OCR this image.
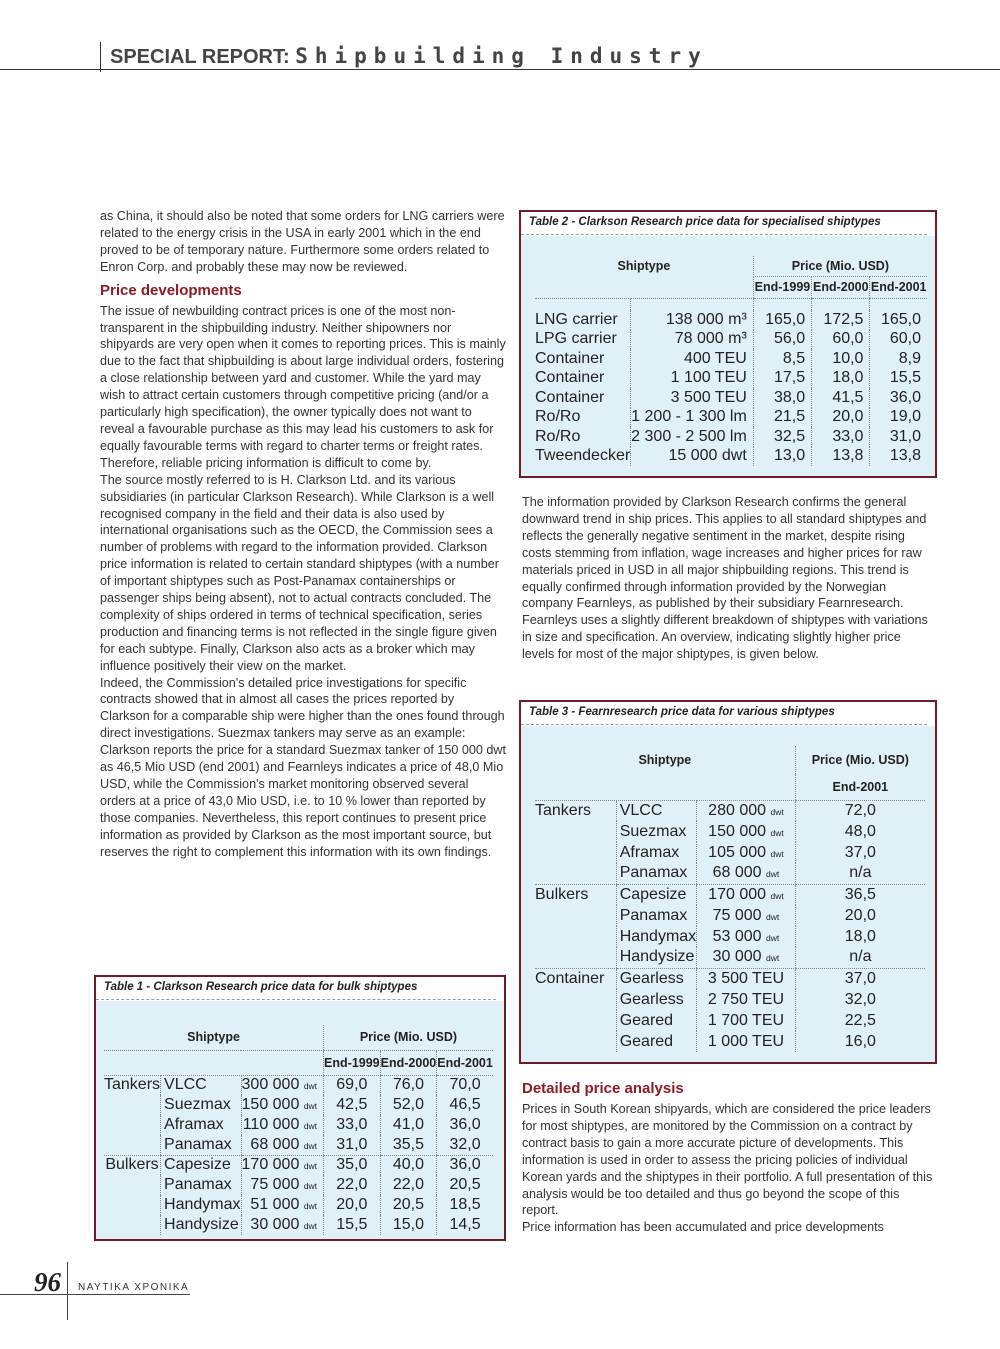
SPECIAL REPORT: Shipbuilding Industry

as China, it should also be noted that some orders for LNG carriers were related to the energy crisis in the USA in early 2001 which in the end proved to be of temporary nature. Furthermore some orders related to Enron Corp. and probably these may now be reviewed.

Price developments

The issue of newbuilding contract prices is one of the most non-transparent in the shipbuilding industry. Neither shipowners nor shipyards are very open when it comes to reporting prices. This is mainly due to the fact that shipbuilding is about large individual orders, fostering a close relationship between yard and customer. While the yard may wish to attract certain customers through competitive pricing (and/or a particularly high specification), the owner typically does not want to reveal a favourable purchase as this may lead his customers to ask for equally favourable terms with regard to charter terms or freight rates. Therefore, reliable pricing information is difficult to come by.

The source mostly referred to is H. Clarkson Ltd. and its various subsidiaries (in particular Clarkson Research). While Clarkson is a well recognised company in the field and their data is also used by international organisations such as the OECD, the Commission sees a number of problems with regard to the information provided. Clarkson price information is related to certain standard shiptypes (with a number of important shiptypes such as Post-Panamax containerships or passenger ships being absent), not to actual contracts concluded. The complexity of ships ordered in terms of technical specification, series production and financing terms is not reflected in the single figure given for each subtype. Finally, Clarkson also acts as a broker which may influence positively their view on the market.

Indeed, the Commission's detailed price investigations for specific contracts showed that in almost all cases the prices reported by Clarkson for a comparable ship were higher than the ones found through direct investigations. Suezmax tankers may serve as an example: Clarkson reports the price for a standard Suezmax tanker of 150 000 dwt as 46,5 Mio USD (end 2001) and Fearnleys indicates a price of 48,0 Mio USD, while the Commission's market monitoring observed several orders at a price of 43,0 Mio USD, i.e. to 10 % lower than reported by those companies. Nevertheless, this report continues to present price information as provided by Clarkson as the most important source, but reserves the right to complement this information with its own findings.

Table 1 - Clarkson Research price data for bulk shiptypes
Shiptype			Price (Mio. USD)		
			End-1999	End-2000	End-2001
Tankers	VLCC	300 000 dwt	69,0	76,0	70,0
	Suezmax	150 000 dwt	42,5	52,0	46,5
	Aframax	110 000 dwt	33,0	41,0	36,0
	Panamax	68 000 dwt	31,0	35,5	32,0
Bulkers	Capesize	170 000 dwt	35,0	40,0	36,0
	Panamax	75 000 dwt	22,0	22,0	20,5
	Handymax	51 000 dwt	20,0	20,5	18,5
	Handysize	30 000 dwt	15,5	15,0	14,5
Table 2 - Clarkson Research price data for specialised shiptypes
Shiptype		Price (Mio. USD)		
		End-1999	End-2000	End-2001

LNG carrier	138 000 m³	165,0	172,5	165,0
LPG carrier	78 000 m³	56,0	60,0	60,0
Container	400 TEU	8,5	10,0	8,9
Container	1 100 TEU	17,5	18,0	15,5
Container	3 500 TEU	38,0	41,5	36,0
Ro/Ro	1 200 - 1 300 lm	21,5	20,0	19,0
Ro/Ro	2 300 - 2 500 lm	32,5	33,0	31,0
Tweendecker	15 000 dwt	13,0	13,8	13,8

The information provided by Clarkson Research confirms the general downward trend in ship prices. This applies to all standard shiptypes and reflects the generally negative sentiment in the market, despite rising costs stemming from inflation, wage increases and higher prices for raw materials priced in USD in all major shipbuilding regions. This trend is equally confirmed through information provided by the Norwegian company Fearnleys, as published by their subsidiary Fearnresearch. Fearnleys uses a slightly different breakdown of shiptypes with variations in size and specification. An overview, indicating slightly higher price levels for most of the major shiptypes, is given below.

Table 3 - Fearnresearch price data for various shiptypes
Shiptype			Price (Mio. USD)
			End-2001
Tankers	VLCC	280 000 dwt	72,0
	Suezmax	150 000 dwt	48,0
	Aframax	105 000 dwt	37,0
	Panamax	68 000 dwt	n/a
Bulkers	Capesize	170 000 dwt	36,5
	Panamax	75 000 dwt	20,0
	Handymax	53 000 dwt	18,0
	Handysize	30 000 dwt	n/a
Container	Gearless	3 500 TEU	37,0
	Gearless	2 750 TEU	32,0
	Geared	1 700 TEU	22,5
	Geared	1 000 TEU	16,0
Detailed price analysis

Prices in South Korean shipyards, which are considered the price leaders for most shiptypes, are monitored by the Commission on a contract by contract basis to gain a more accurate picture of developments. This information is used in order to assess the pricing policies of individual Korean yards and the shiptypes in their portfolio. A full presentation of this analysis would be too detailed and thus go beyond the scope of this report.

Price information has been accumulated and price developments

96 ΝΑΥΤΙΚΑ ΧΡΟΝΙΚΑ
